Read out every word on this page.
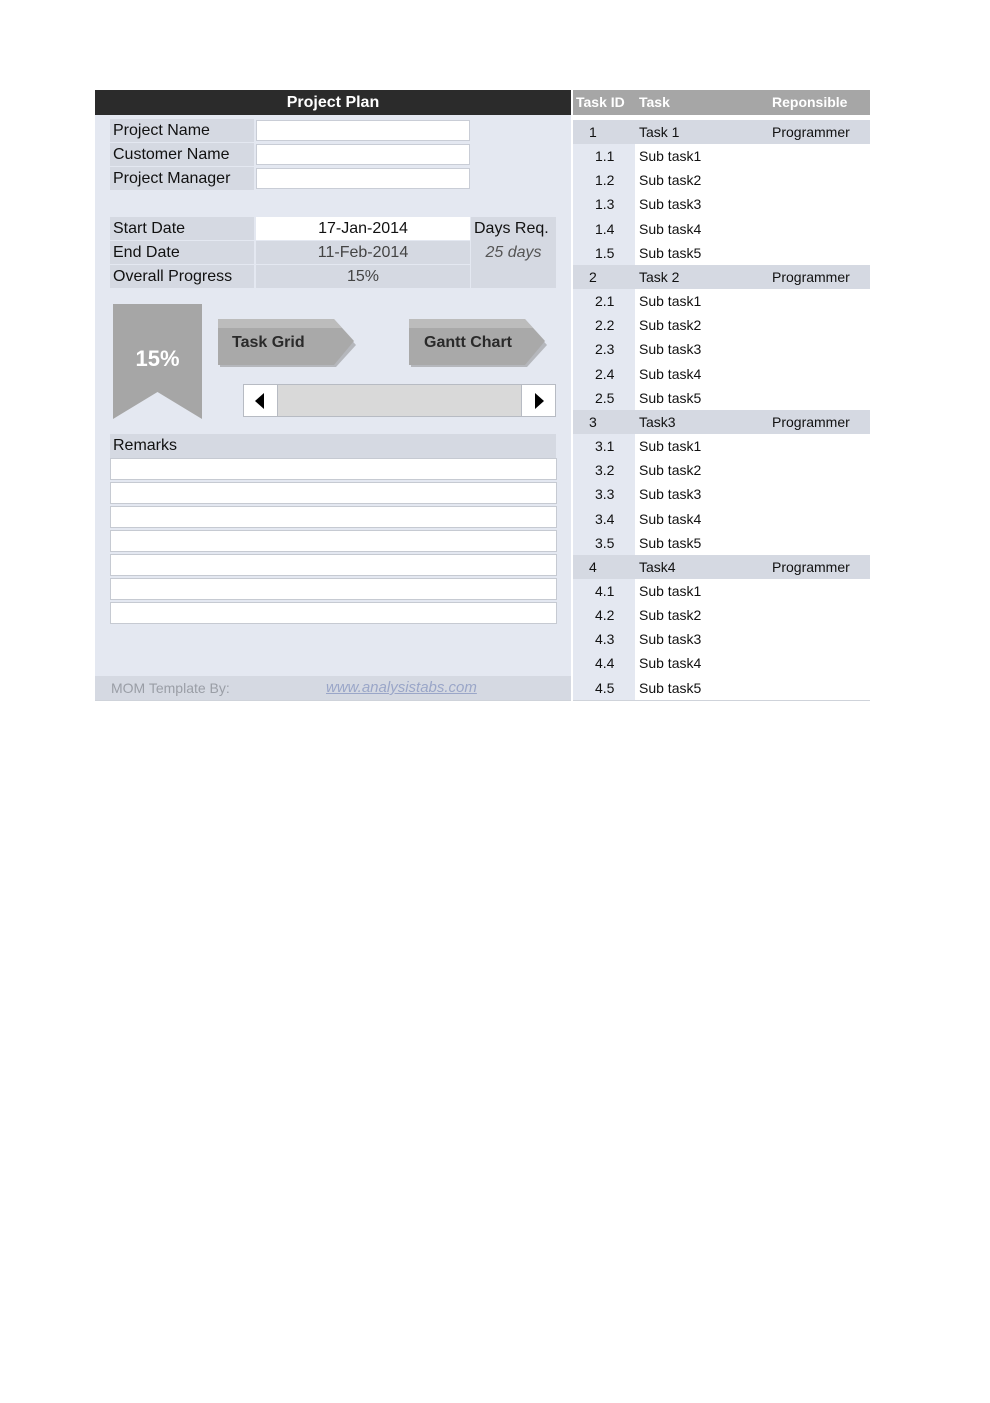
Project Plan
Project Name
Customer Name
Project Manager
Start Date	17-Jan-2014
End Date	11-Feb-2014
Overall Progress	15%
Days Req.
25 days
15%
Task Grid	Gantt Chart
Remarks
MOM Template By:	www.analysistabs.com
Task ID Task	Reponsible
1	Task 1	Programmer
1.1 Sub task1
1.2 Sub task2
1.3 Sub task3
1.4 Sub task4
1.5 Sub task5
2	Task 2	Programmer
2.1 Sub task1
2.2 Sub task2
2.3 Sub task3
2.4 Sub task4
2.5 Sub task5
3	Task3	Programmer
3.1 Sub task1
3.2 Sub task2
3.3 Sub task3
3.4 Sub task4
3.5 Sub task5
4	Task4	Programmer
4.1 Sub task1
4.2 Sub task2
4.3 Sub task3
4.4 Sub task4
4.5 Sub task5
